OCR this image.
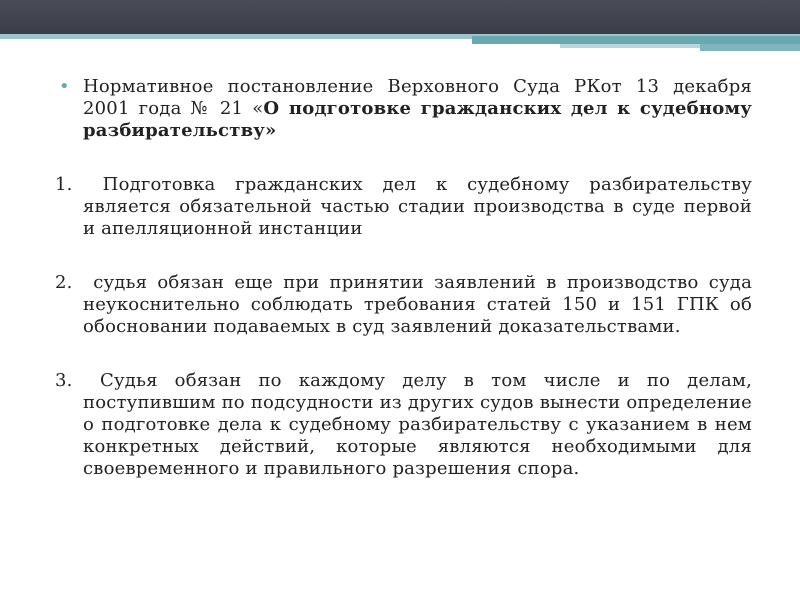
• Нормативное постановление Верховного Суда РКот 13 декабря 2001 года № 21 «О подготовке гражданских дел к судебному разбирательству»

1. Подготовка гражданских дел к судебному разбирательству является обязательной частью стадии производства в суде первой и апелляционной инстанции

2. судья обязан еще при принятии заявлений в производство суда неукоснительно соблюдать требования статей 150 и 151 ГПК об обосновании подаваемых в суд заявлений доказательствами.

3. Судья обязан по каждому делу в том числе и по делам, поступившим по подсудности из других судов вынести определение о подготовке дела к судебному разбирательству с указанием в нем конкретных действий, которые являются необходимыми для своевременного и правильного разрешения спора.
